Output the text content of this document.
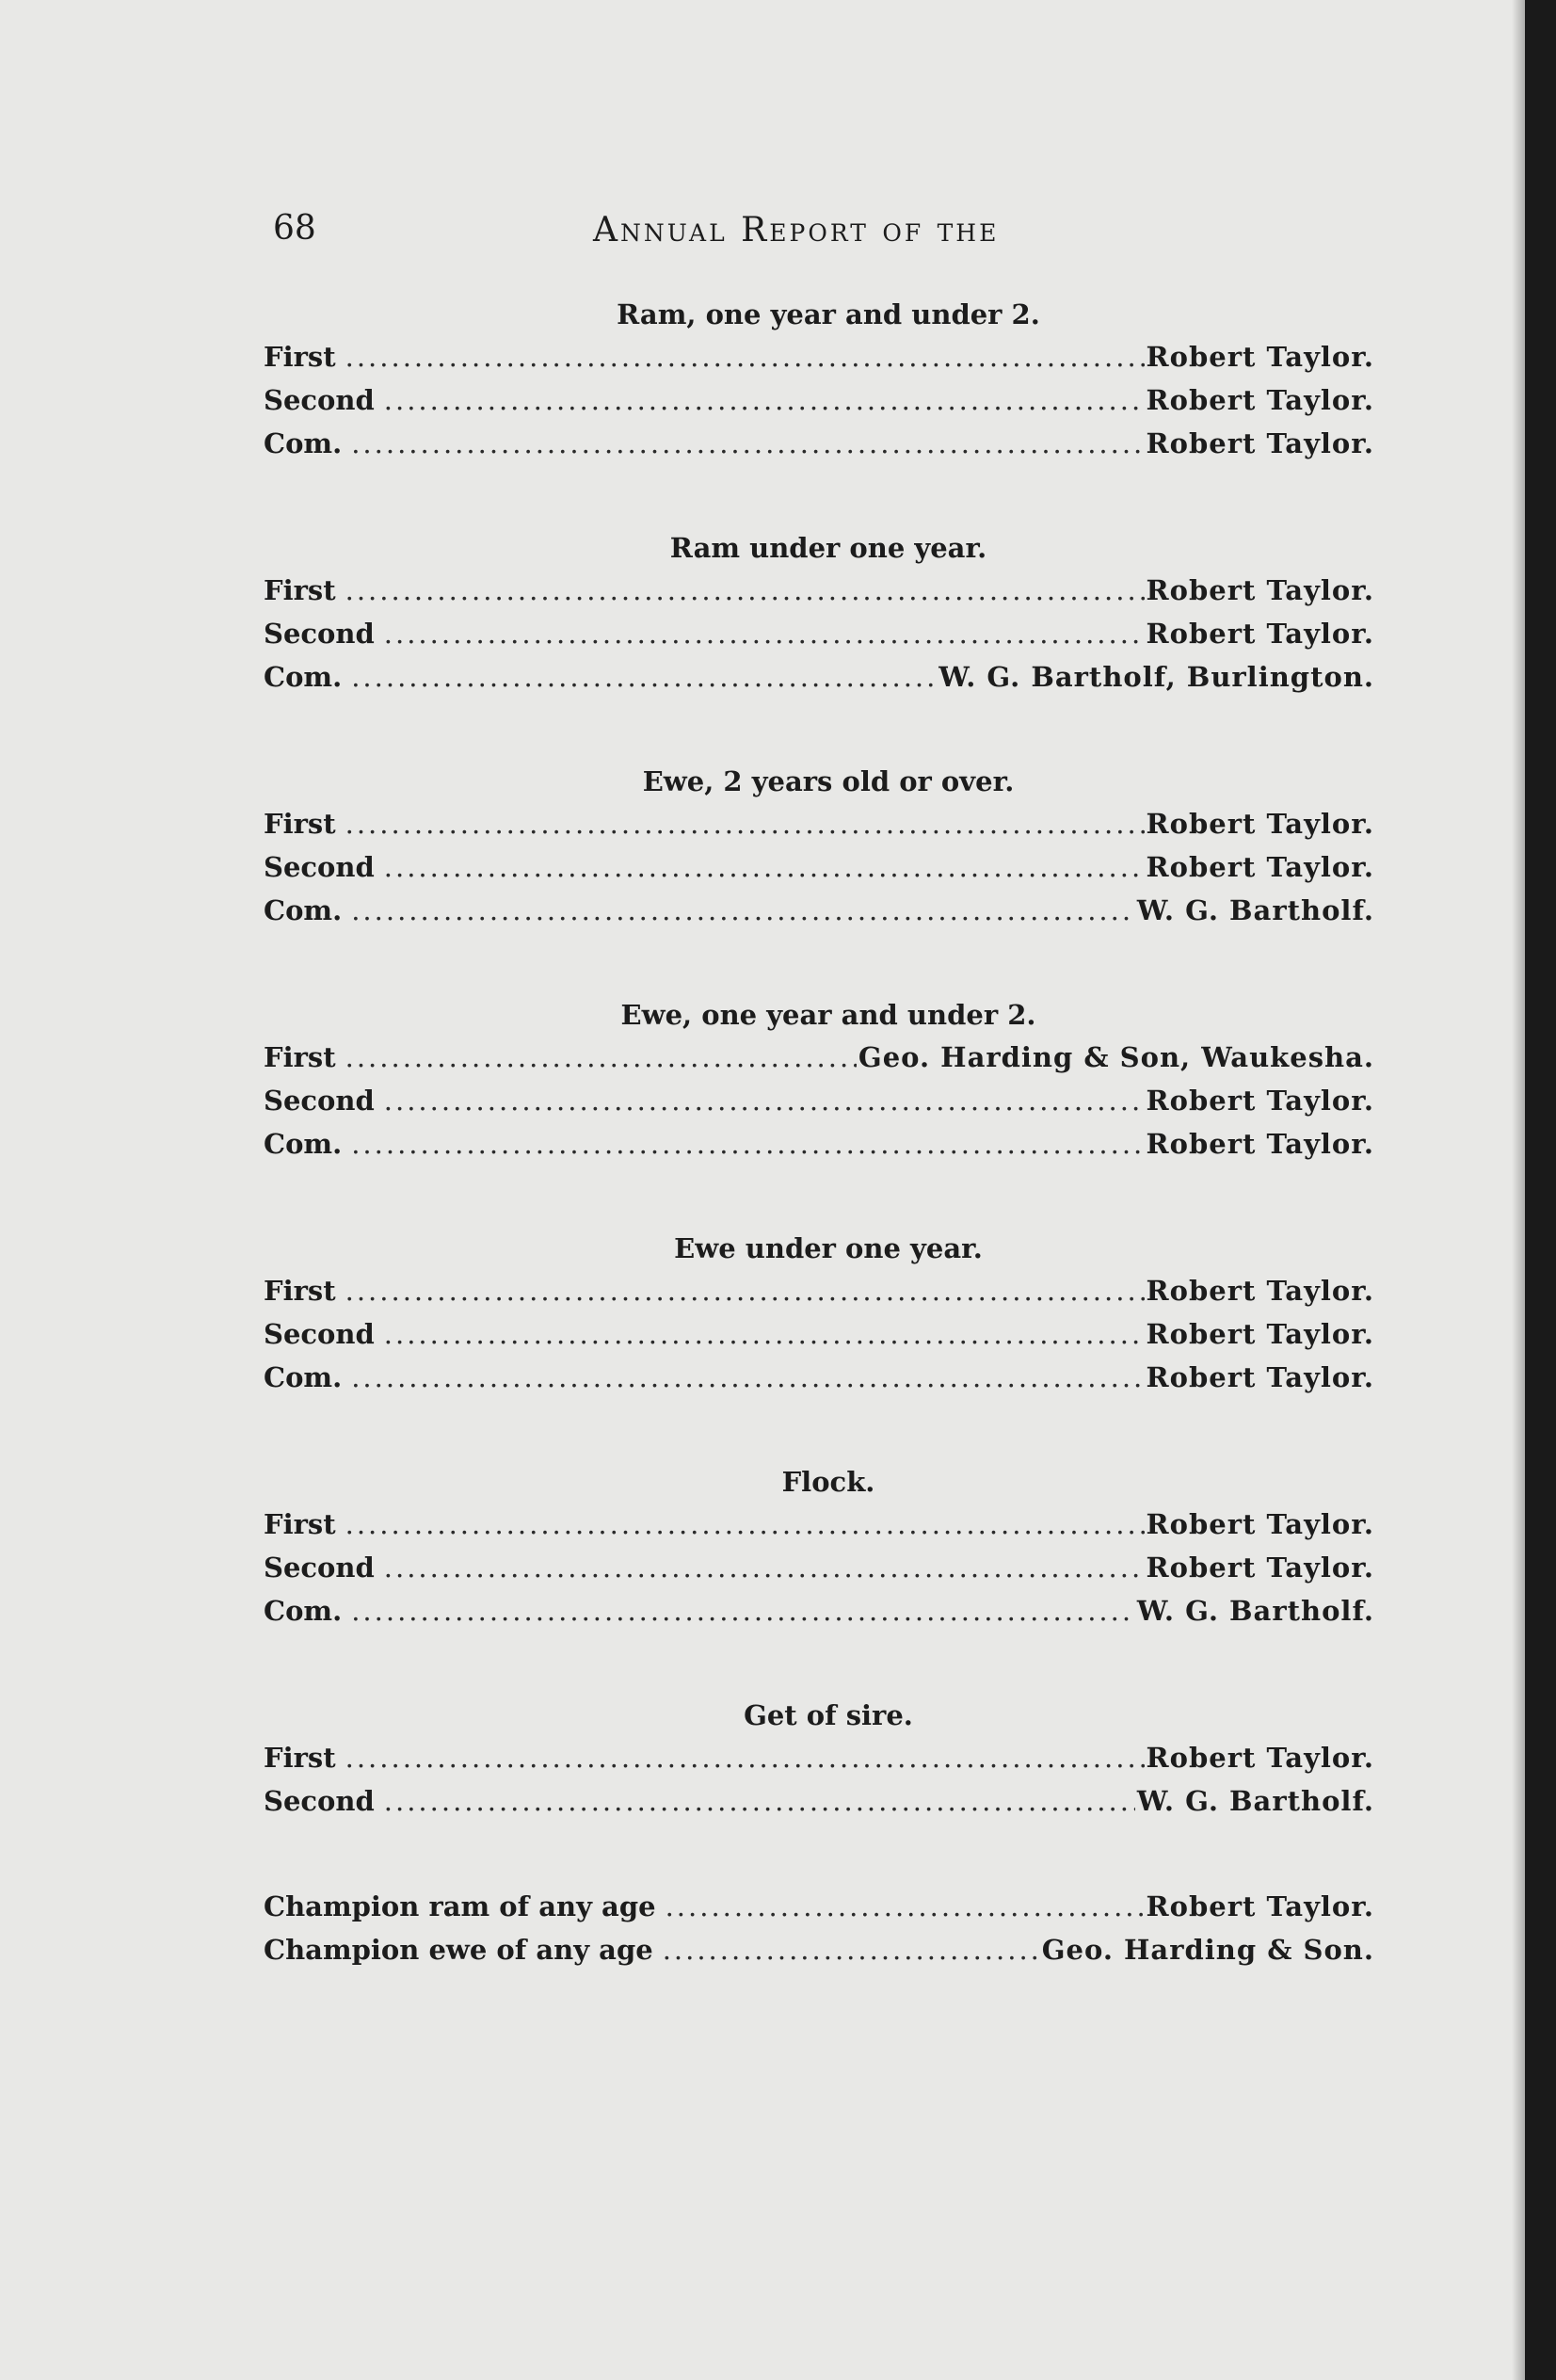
68	Annual Report of the
Ram, one year and under 2.
First .....	Robert Taylor.
Second .....	Robert Taylor.
Com. .....	Robert Taylor.
Ram under one year.
First .....	Robert Taylor.
Second .....	Robert Taylor.
Com. .....	W. G. Bartholf, Burlington.
Ewe, 2 years old or over.
First .....	Robert Taylor.
Second .....	Robert Taylor.
Com. .....	W. G. Bartholf.
Ewe, one year and under 2.
First .....	Geo. Harding & Son, Waukesha.
Second .....	Robert Taylor.
Com. .....	Robert Taylor.
Ewe under one year.
First .....	Robert Taylor.
Second .....	Robert Taylor.
Com. .....	Robert Taylor.
Flock.
First .....	Robert Taylor.
Second .....	Robert Taylor.
Com. .....	W. G. Bartholf.
Get of sire.
First .....	Robert Taylor.
Second .....	W. G. Bartholf.
Champion ram of any age .....	Robert Taylor.
Champion ewe of any age .....	Geo. Harding & Son.
